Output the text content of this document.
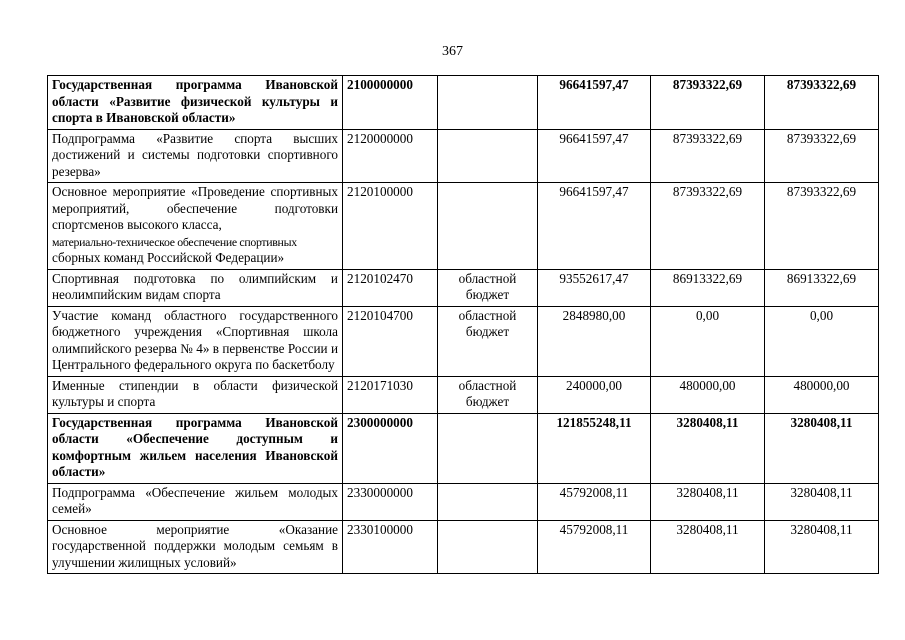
367
Государственная программа Ивановской области «Развитие физической культуры и спорта в Ивановской области»	2100000000		96641597,47	87393322,69	87393322,69
Подпрограмма «Развитие спорта высших достижений и системы подготовки спортивного резерва»	2120000000		96641597,47	87393322,69	87393322,69
Основное мероприятие «Проведение спортивных мероприятий, обеспечение подготовки спортсменов высокого класса,
материально-техническое обеспечение спортивных
сборных команд Российской Федерации»	2120100000		96641597,47	87393322,69	87393322,69
Спортивная подготовка по олимпийским и неолимпийским видам спорта	2120102470	областной бюджет	93552617,47	86913322,69	86913322,69
Участие команд областного государственного бюджетного учреждения «Спортивная школа олимпийского резерва № 4» в первенстве России и Центрального федерального округа по баскетболу	2120104700	областной бюджет	2848980,00	0,00	0,00
Именные стипендии в области физической культуры и спорта	2120171030	областной бюджет	240000,00	480000,00	480000,00
Государственная программа Ивановской области «Обеспечение доступным и комфортным жильем населения Ивановской области»	2300000000		121855248,11	3280408,11	3280408,11
Подпрограмма «Обеспечение жильем молодых семей»	2330000000		45792008,11	3280408,11	3280408,11
Основное мероприятие «Оказание государственной поддержки молодым семьям в улучшении жилищных условий»	2330100000		45792008,11	3280408,11	3280408,11
